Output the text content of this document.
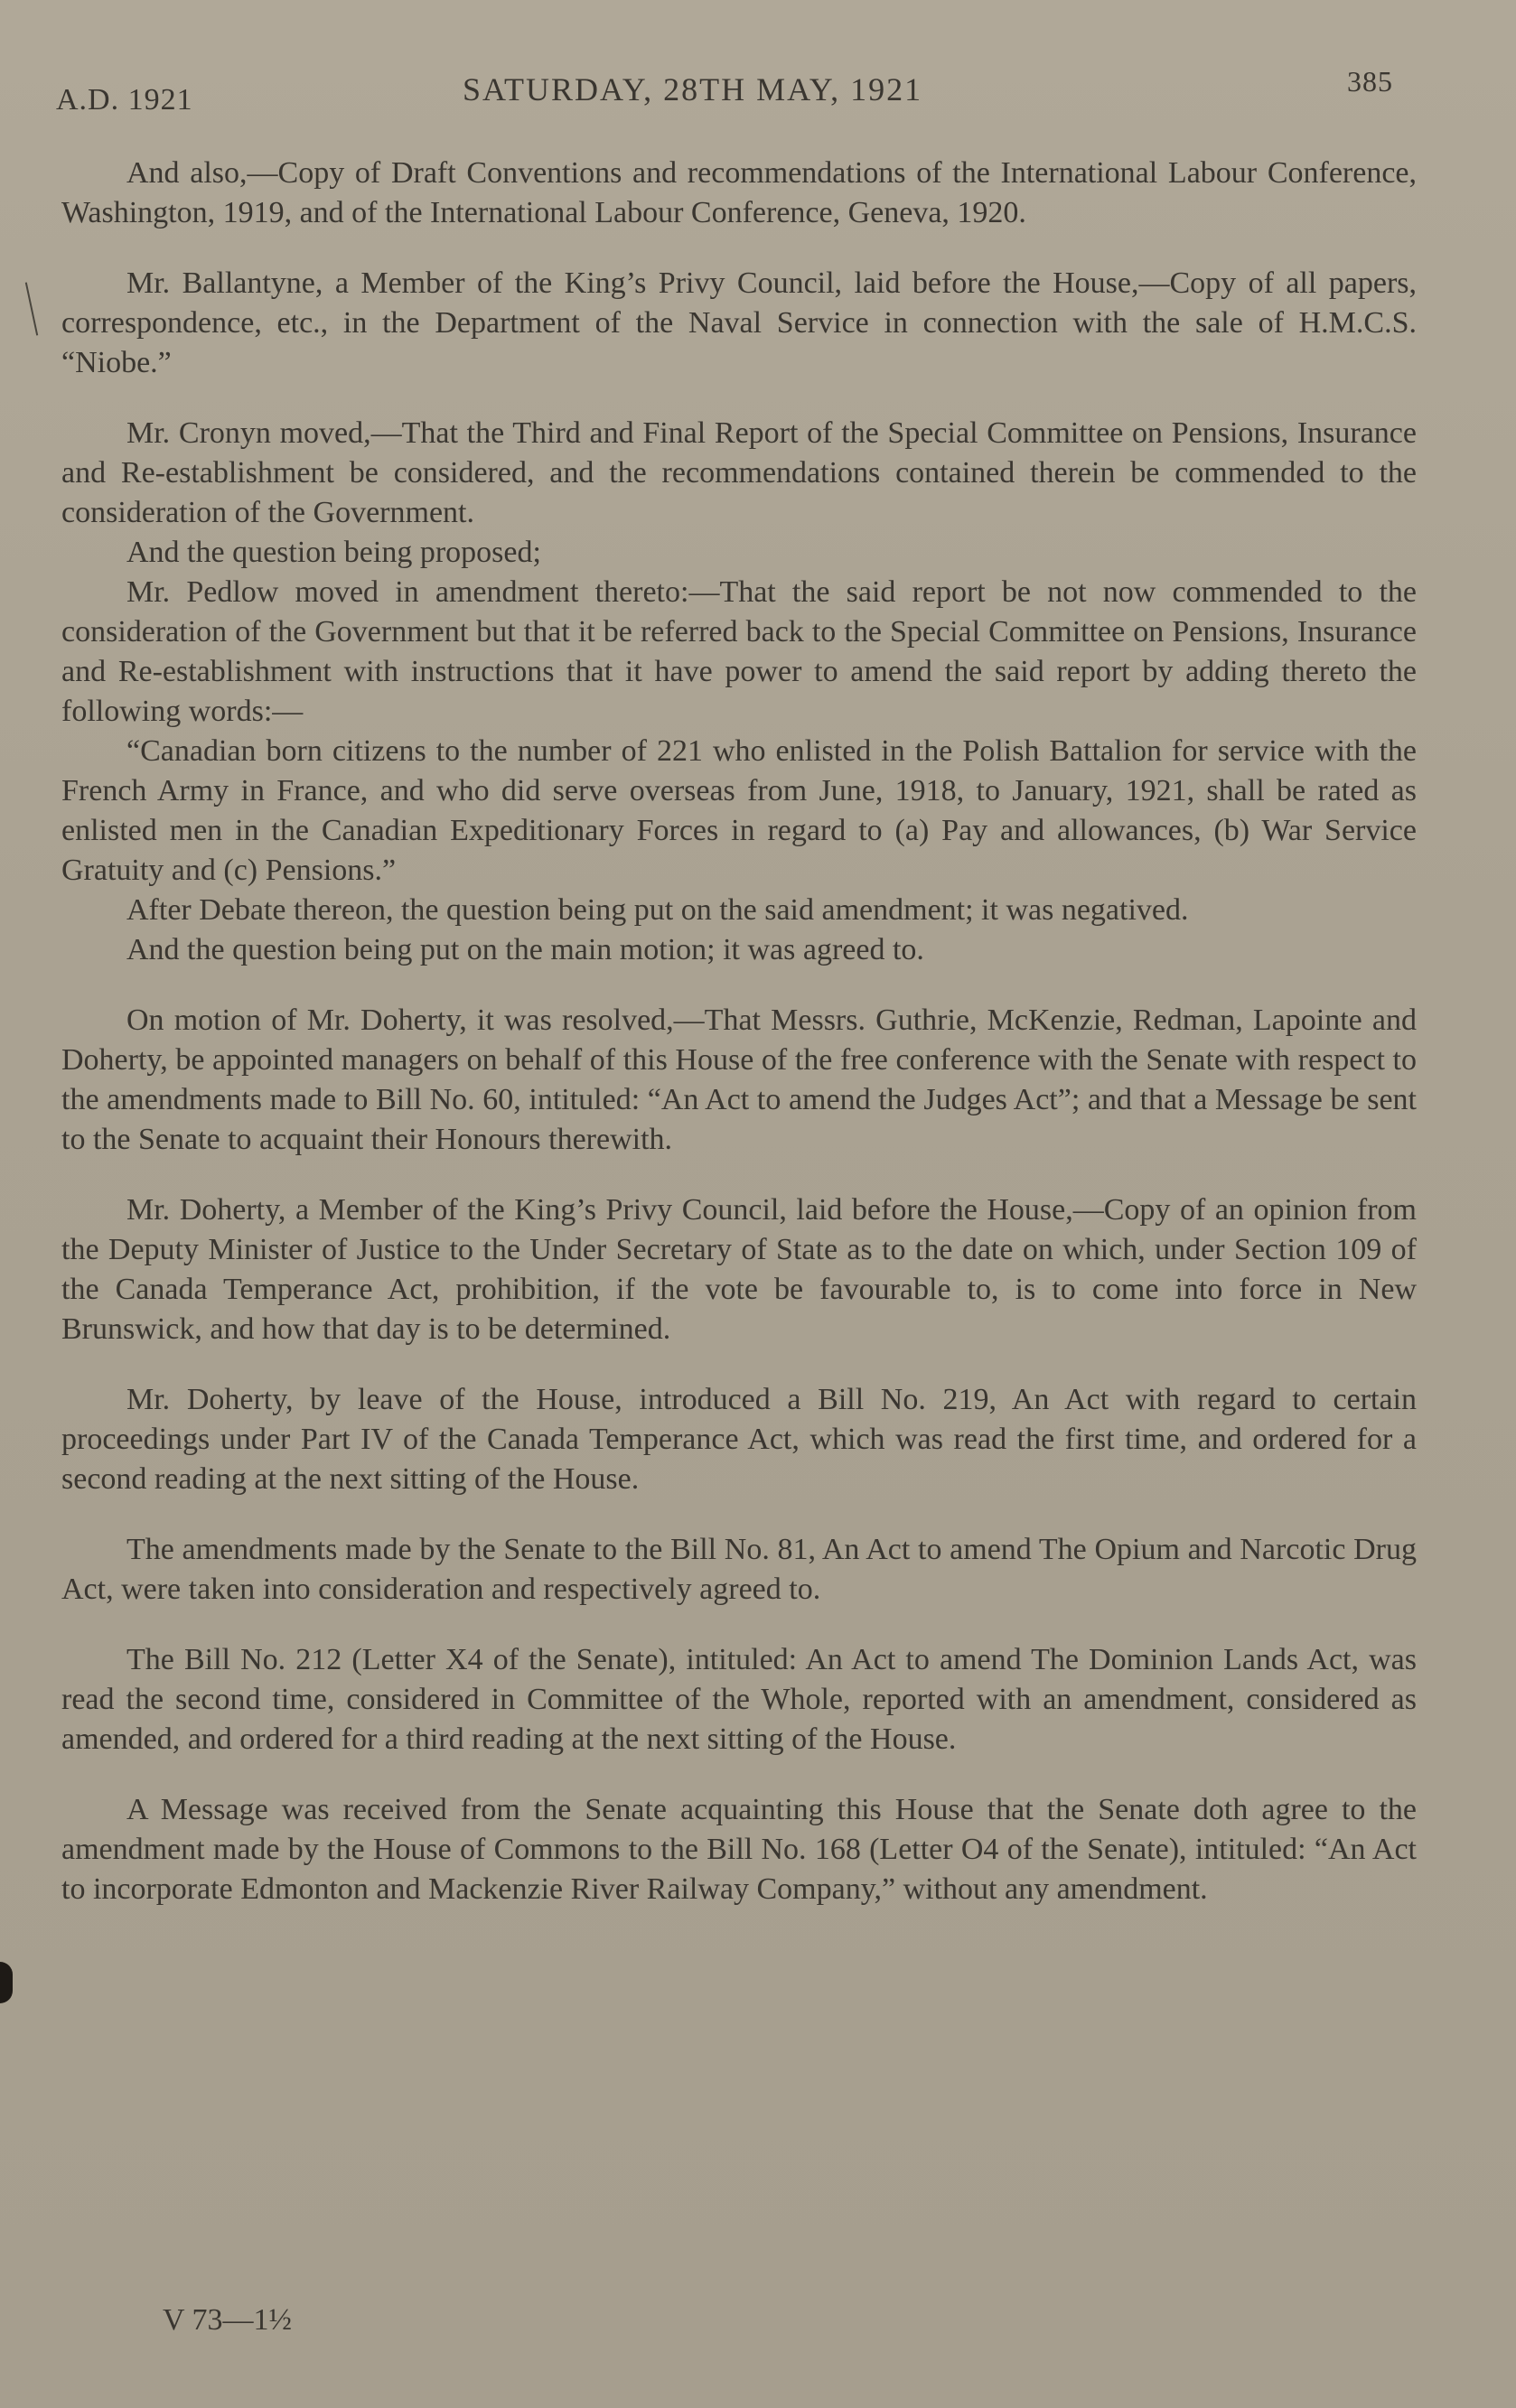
A.D. 1921	SATURDAY, 28TH MAY, 1921	385

And also,—Copy of Draft Conventions and recommendations of the International Labour Conference, Washington, 1919, and of the International Labour Conference, Geneva, 1920.

Mr. Ballantyne, a Member of the King’s Privy Council, laid before the House,—Copy of all papers, correspondence, etc., in the Department of the Naval Service in connection with the sale of H.M.C.S. “Niobe.”

Mr. Cronyn moved,—That the Third and Final Report of the Special Committee on Pensions, Insurance and Re-establishment be considered, and the recommendations contained therein be commended to the consideration of the Government.

And the question being proposed;

Mr. Pedlow moved in amendment thereto:—That the said report be not now commended to the consideration of the Government but that it be referred back to the Special Committee on Pensions, Insurance and Re-establishment with instructions that it have power to amend the said report by adding thereto the following words:—

“Canadian born citizens to the number of 221 who enlisted in the Polish Battalion for service with the French Army in France, and who did serve overseas from June, 1918, to January, 1921, shall be rated as enlisted men in the Canadian Expeditionary Forces in regard to (a) Pay and allowances, (b) War Service Gratuity and (c) Pensions.”

After Debate thereon, the question being put on the said amendment; it was negatived.

And the question being put on the main motion; it was agreed to.

On motion of Mr. Doherty, it was resolved,—That Messrs. Guthrie, McKenzie, Redman, Lapointe and Doherty, be appointed managers on behalf of this House of the free conference with the Senate with respect to the amendments made to Bill No. 60, intituled: “An Act to amend the Judges Act”; and that a Message be sent to the Senate to acquaint their Honours therewith.

Mr. Doherty, a Member of the King’s Privy Council, laid before the House,—Copy of an opinion from the Deputy Minister of Justice to the Under Secretary of State as to the date on which, under Section 109 of the Canada Temperance Act, prohibition, if the vote be favourable to, is to come into force in New Brunswick, and how that day is to be determined.

Mr. Doherty, by leave of the House, introduced a Bill No. 219, An Act with regard to certain proceedings under Part IV of the Canada Temperance Act, which was read the first time, and ordered for a second reading at the next sitting of the House.

The amendments made by the Senate to the Bill No. 81, An Act to amend The Opium and Narcotic Drug Act, were taken into consideration and respectively agreed to.

The Bill No. 212 (Letter X4 of the Senate), intituled: An Act to amend The Dominion Lands Act, was read the second time, considered in Committee of the Whole, reported with an amendment, considered as amended, and ordered for a third reading at the next sitting of the House.

A Message was received from the Senate acquainting this House that the Senate doth agree to the amendment made by the House of Commons to the Bill No. 168 (Letter O4 of the Senate), intituled: “An Act to incorporate Edmonton and Mackenzie River Railway Company,” without any amendment.

V 73—1½
